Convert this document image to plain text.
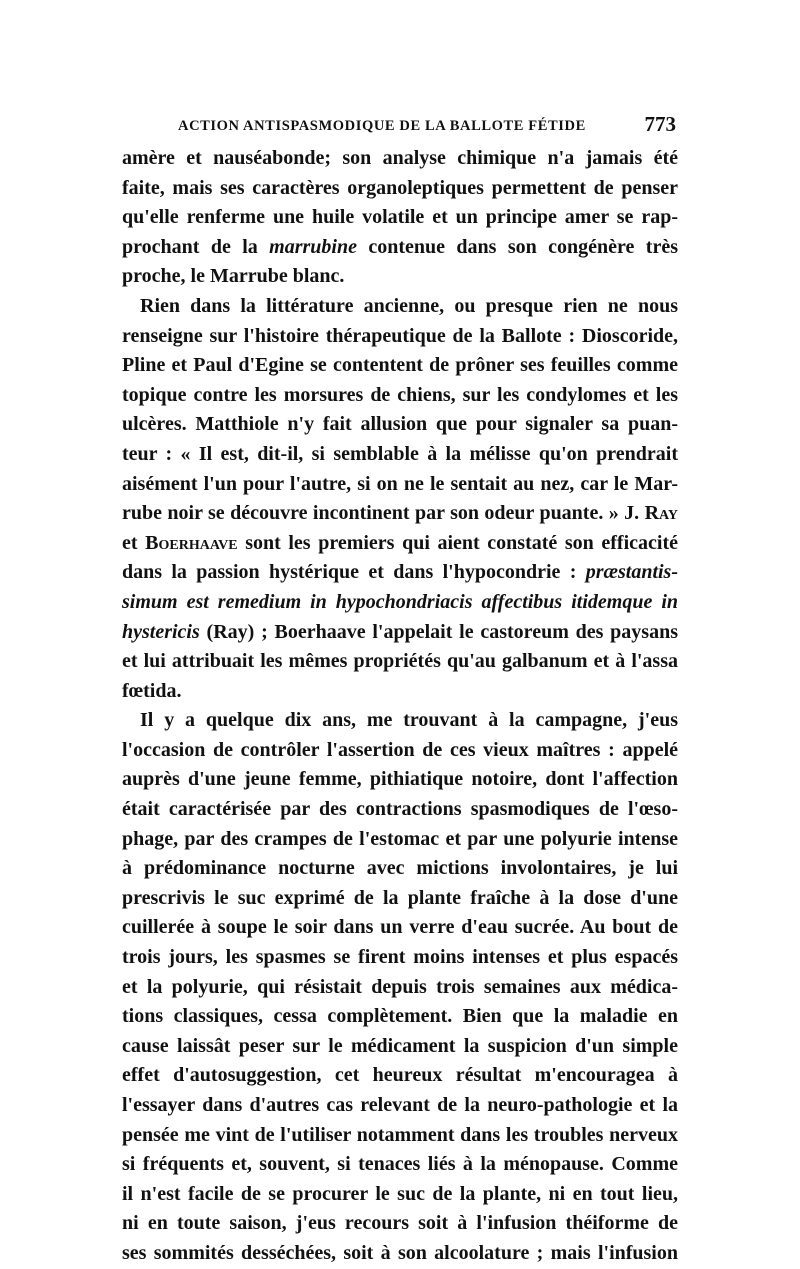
ACTION ANTISPASMODIQUE DE LA BALLOTE FÉTIDE	773
amère et nauséabonde; son analyse chimique n'a jamais été
faite, mais ses caractères organoleptiques permettent de penser
qu'elle renferme une huile volatile et un principe amer se rap-
prochant de la marrubine contenue dans son congénère très
proche, le Marrube blanc.
Rien dans la littérature ancienne, ou presque rien ne nous
renseigne sur l'histoire thérapeutique de la Ballote : Dioscoride,
Pline et Paul d'Egine se contentent de prôner ses feuilles comme
topique contre les morsures de chiens, sur les condylomes et les
ulcères. Matthiole n'y fait allusion que pour signaler sa puan-
teur : « Il est, dit-il, si semblable à la mélisse qu'on prendrait
aisément l'un pour l'autre, si on ne le sentait au nez, car le Mar-
rube noir se découvre incontinent par son odeur puante. » J. Ray
et Boerhaave sont les premiers qui aient constaté son efficacité
dans la passion hystérique et dans l'hypocondrie : præstantis-
simum est remedium in hypochondriacis affectibus itidemque in
hystericis (Ray) ; Boerhaave l'appelait le castoreum des paysans
et lui attribuait les mêmes propriétés qu'au galbanum et à l'assa
fœtida.
Il y a quelque dix ans, me trouvant à la campagne, j'eus
l'occasion de contrôler l'assertion de ces vieux maîtres : appelé
auprès d'une jeune femme, pithiatique notoire, dont l'affection
était caractérisée par des contractions spasmodiques de l'œso-
phage, par des crampes de l'estomac et par une polyurie intense
à prédominance nocturne avec mictions involontaires, je lui
prescrivis le suc exprimé de la plante fraîche à la dose d'une
cuillerée à soupe le soir dans un verre d'eau sucrée. Au bout de
trois jours, les spasmes se firent moins intenses et plus espacés
et la polyurie, qui résistait depuis trois semaines aux médica-
tions classiques, cessa complètement. Bien que la maladie en
cause laissât peser sur le médicament la suspicion d'un simple
effet d'autosuggestion, cet heureux résultat m'encouragea à
l'essayer dans d'autres cas relevant de la neuro-pathologie et la
pensée me vint de l'utiliser notamment dans les troubles nerveux
si fréquents et, souvent, si tenaces liés à la ménopause. Comme
il n'est facile de se procurer le suc de la plante, ni en tout lieu,
ni en toute saison, j'eus recours soit à l'infusion théiforme de
ses sommités desséchées, soit à son alcoolature ; mais l'infusion
